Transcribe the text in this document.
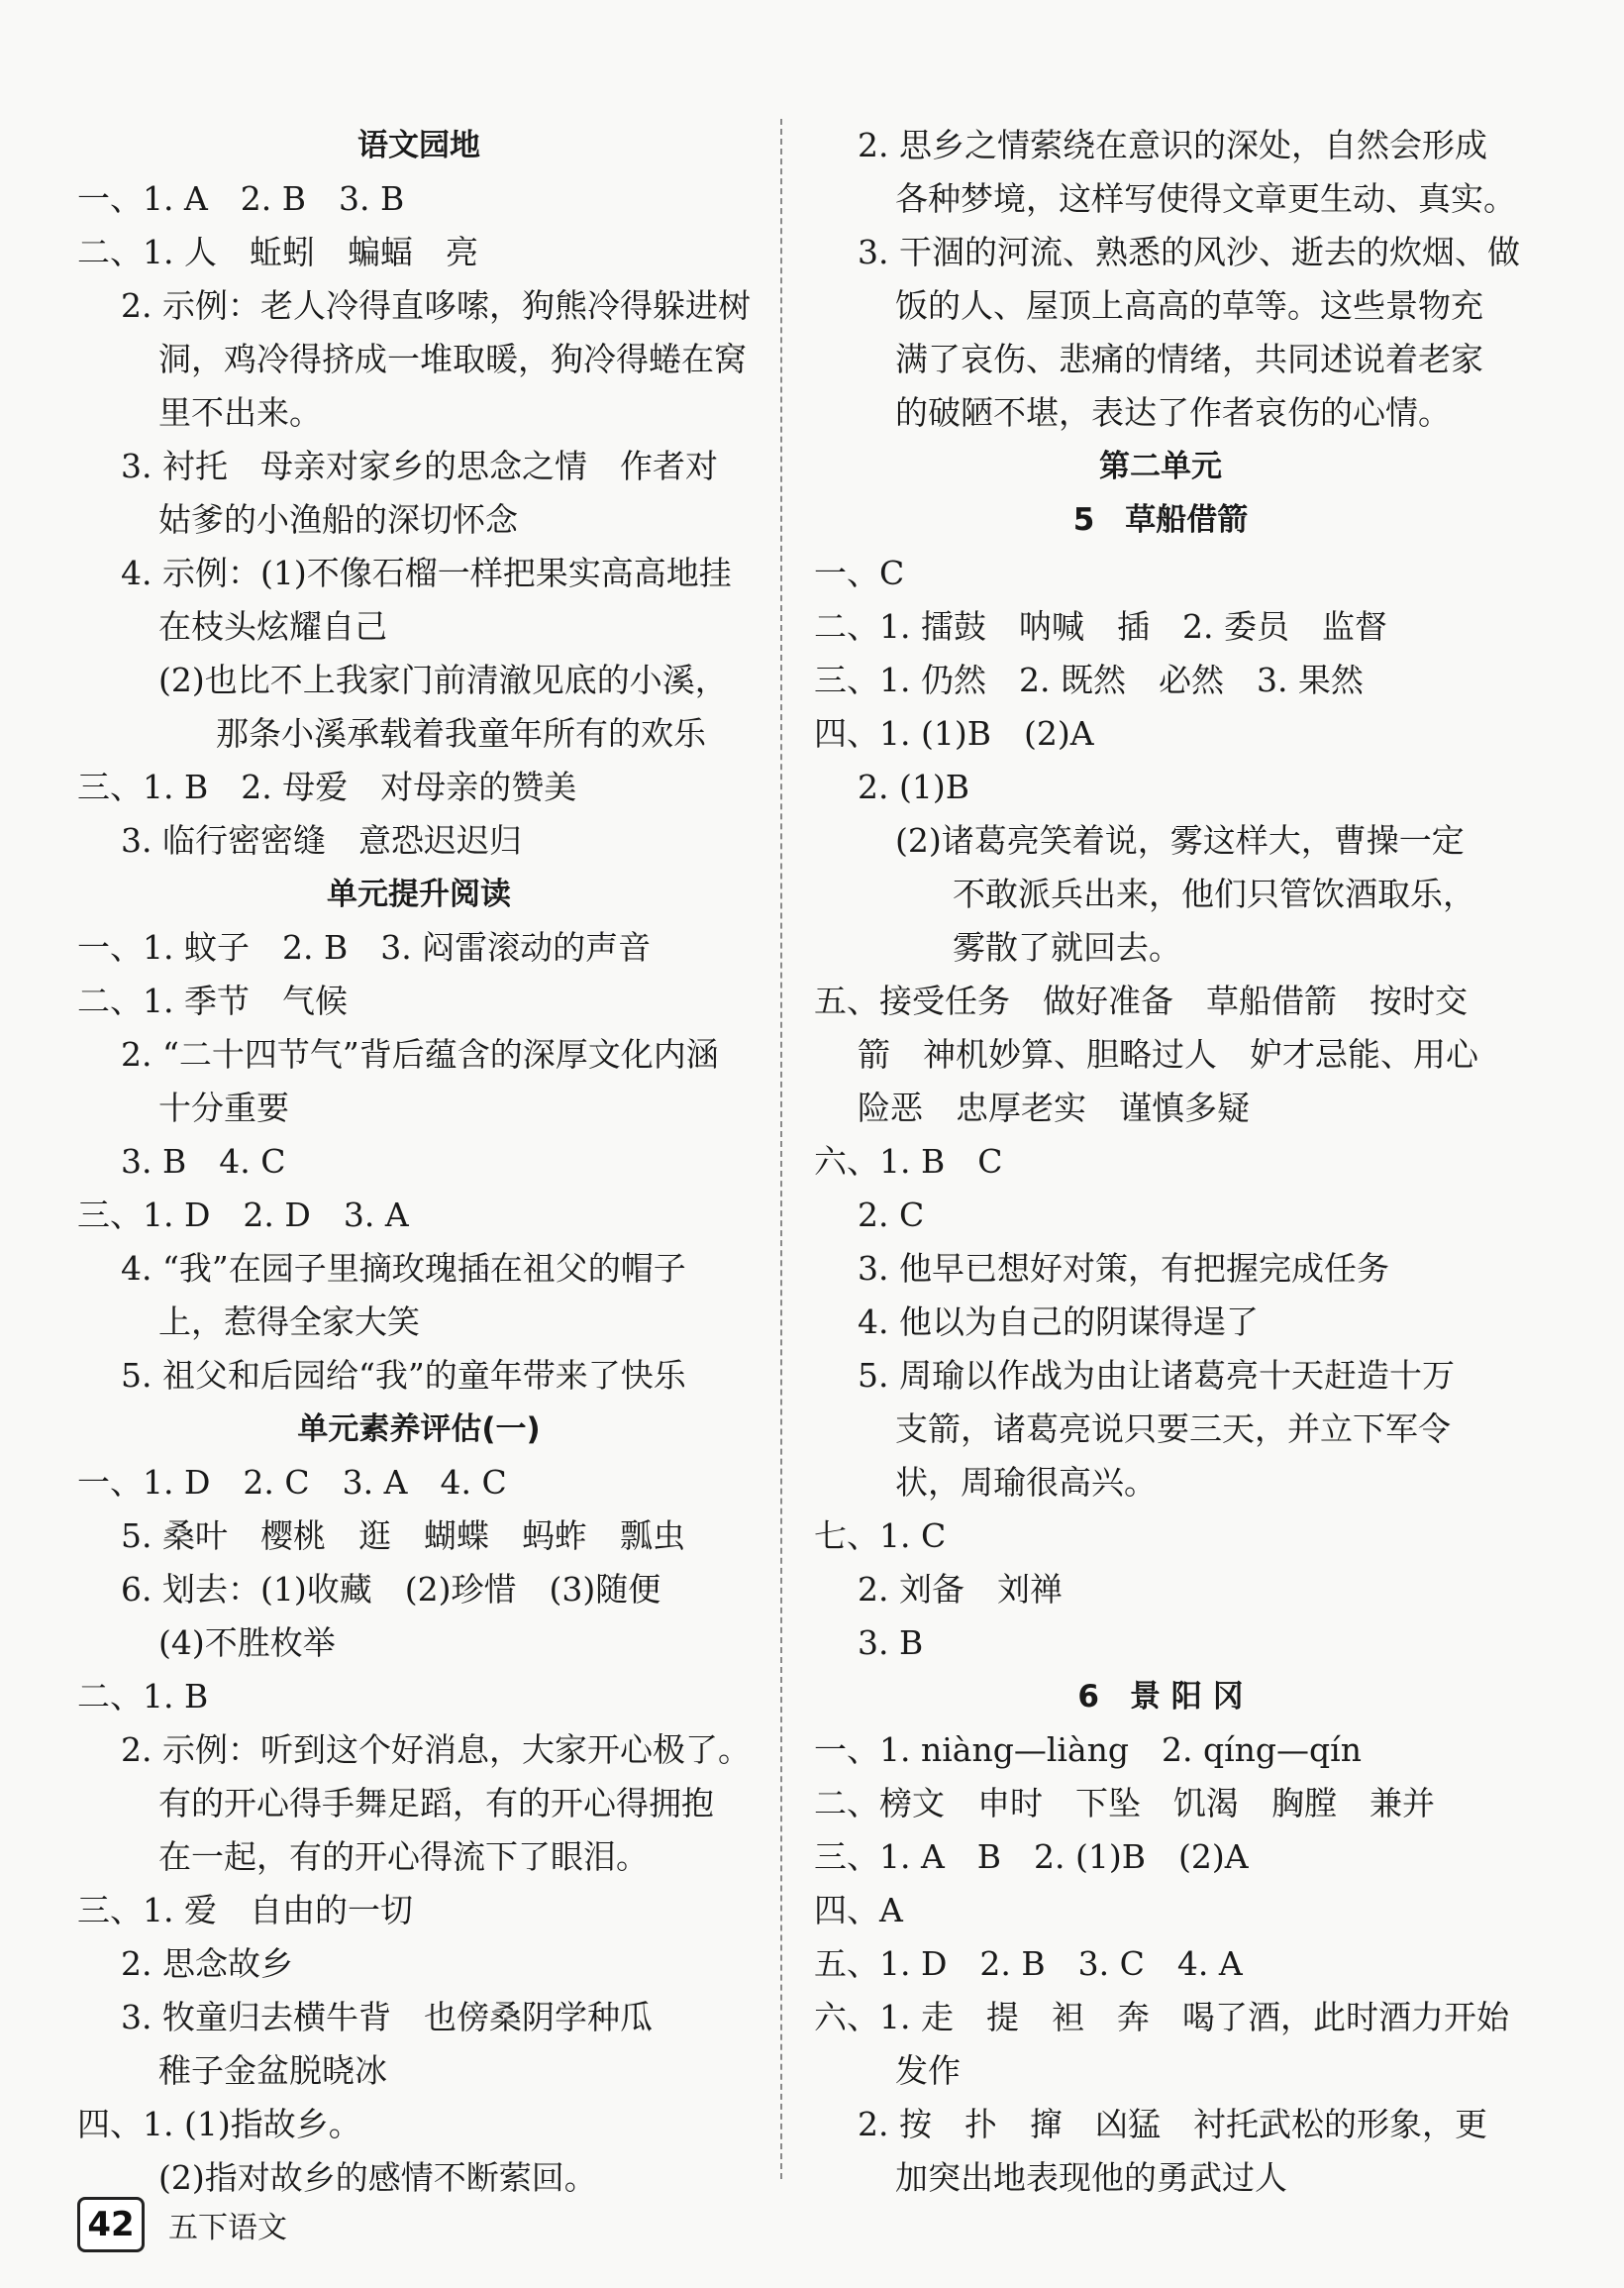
语文园地
一、1. A　2. B　3. B
二、1. 人　蚯蚓　蝙蝠　亮
2. 示例：老人冷得直哆嗦，狗熊冷得躲进树
洞，鸡冷得挤成一堆取暖，狗冷得蜷在窝
里不出来。
3. 衬托　母亲对家乡的思念之情　作者对
姑爹的小渔船的深切怀念
4. 示例：(1)不像石榴一样把果实高高地挂
在枝头炫耀自己
(2)也比不上我家门前清澈见底的小溪，
那条小溪承载着我童年所有的欢乐
三、1. B　2. 母爱　对母亲的赞美
3. 临行密密缝　意恐迟迟归
单元提升阅读
一、1. 蚊子　2. B　3. 闷雷滚动的声音
二、1. 季节　气候
2. “二十四节气”背后蕴含的深厚文化内涵
十分重要
3. B　4. C
三、1. D　2. D　3. A
4. “我”在园子里摘玫瑰插在祖父的帽子
上，惹得全家大笑
5. 祖父和后园给“我”的童年带来了快乐
单元素养评估(一)
一、1. D　2. C　3. A　4. C
5. 桑叶　樱桃　逛　蝴蝶　蚂蚱　瓢虫
6. 划去：(1)收藏　(2)珍惜　(3)随便
(4)不胜枚举
二、1. B
2. 示例：听到这个好消息，大家开心极了。
有的开心得手舞足蹈，有的开心得拥抱
在一起，有的开心得流下了眼泪。
三、1. 爱　自由的一切
2. 思念故乡
3. 牧童归去横牛背　也傍桑阴学种瓜
稚子金盆脱晓冰
四、1. (1)指故乡。
(2)指对故乡的感情不断萦回。
2. 思乡之情萦绕在意识的深处，自然会形成
各种梦境，这样写使得文章更生动、真实。
3. 干涸的河流、熟悉的风沙、逝去的炊烟、做
饭的人、屋顶上高高的草等。这些景物充
满了哀伤、悲痛的情绪，共同述说着老家
的破陋不堪，表达了作者哀伤的心情。
第二单元
5　草船借箭
一、C
二、1. 擂鼓　呐喊　插　2. 委员　监督
三、1. 仍然　2. 既然　必然　3. 果然
四、1. (1)B　(2)A
2. (1)B
(2)诸葛亮笑着说，雾这样大，曹操一定
不敢派兵出来，他们只管饮酒取乐，
雾散了就回去。
五、接受任务　做好准备　草船借箭　按时交
箭　神机妙算、胆略过人　妒才忌能、用心
险恶　忠厚老实　谨慎多疑
六、1. B　C
2. C
3. 他早已想好对策，有把握完成任务
4. 他以为自己的阴谋得逞了
5. 周瑜以作战为由让诸葛亮十天赶造十万
支箭，诸葛亮说只要三天，并立下军令
状，周瑜很高兴。
七、1. C
2. 刘备　刘禅
3. B
6　景 阳 冈
一、1. niàng—liàng　2. qíng—qín
二、榜文　申时　下坠　饥渴　胸膛　兼并
三、1. A　B　2. (1)B　(2)A
四、A
五、1. D　2. B　3. C　4. A
六、1. 走　提　袒　奔　喝了酒，此时酒力开始
发作
2. 按　扑　撺　凶猛　衬托武松的形象，更
加突出地表现他的勇武过人
42	五下语文
